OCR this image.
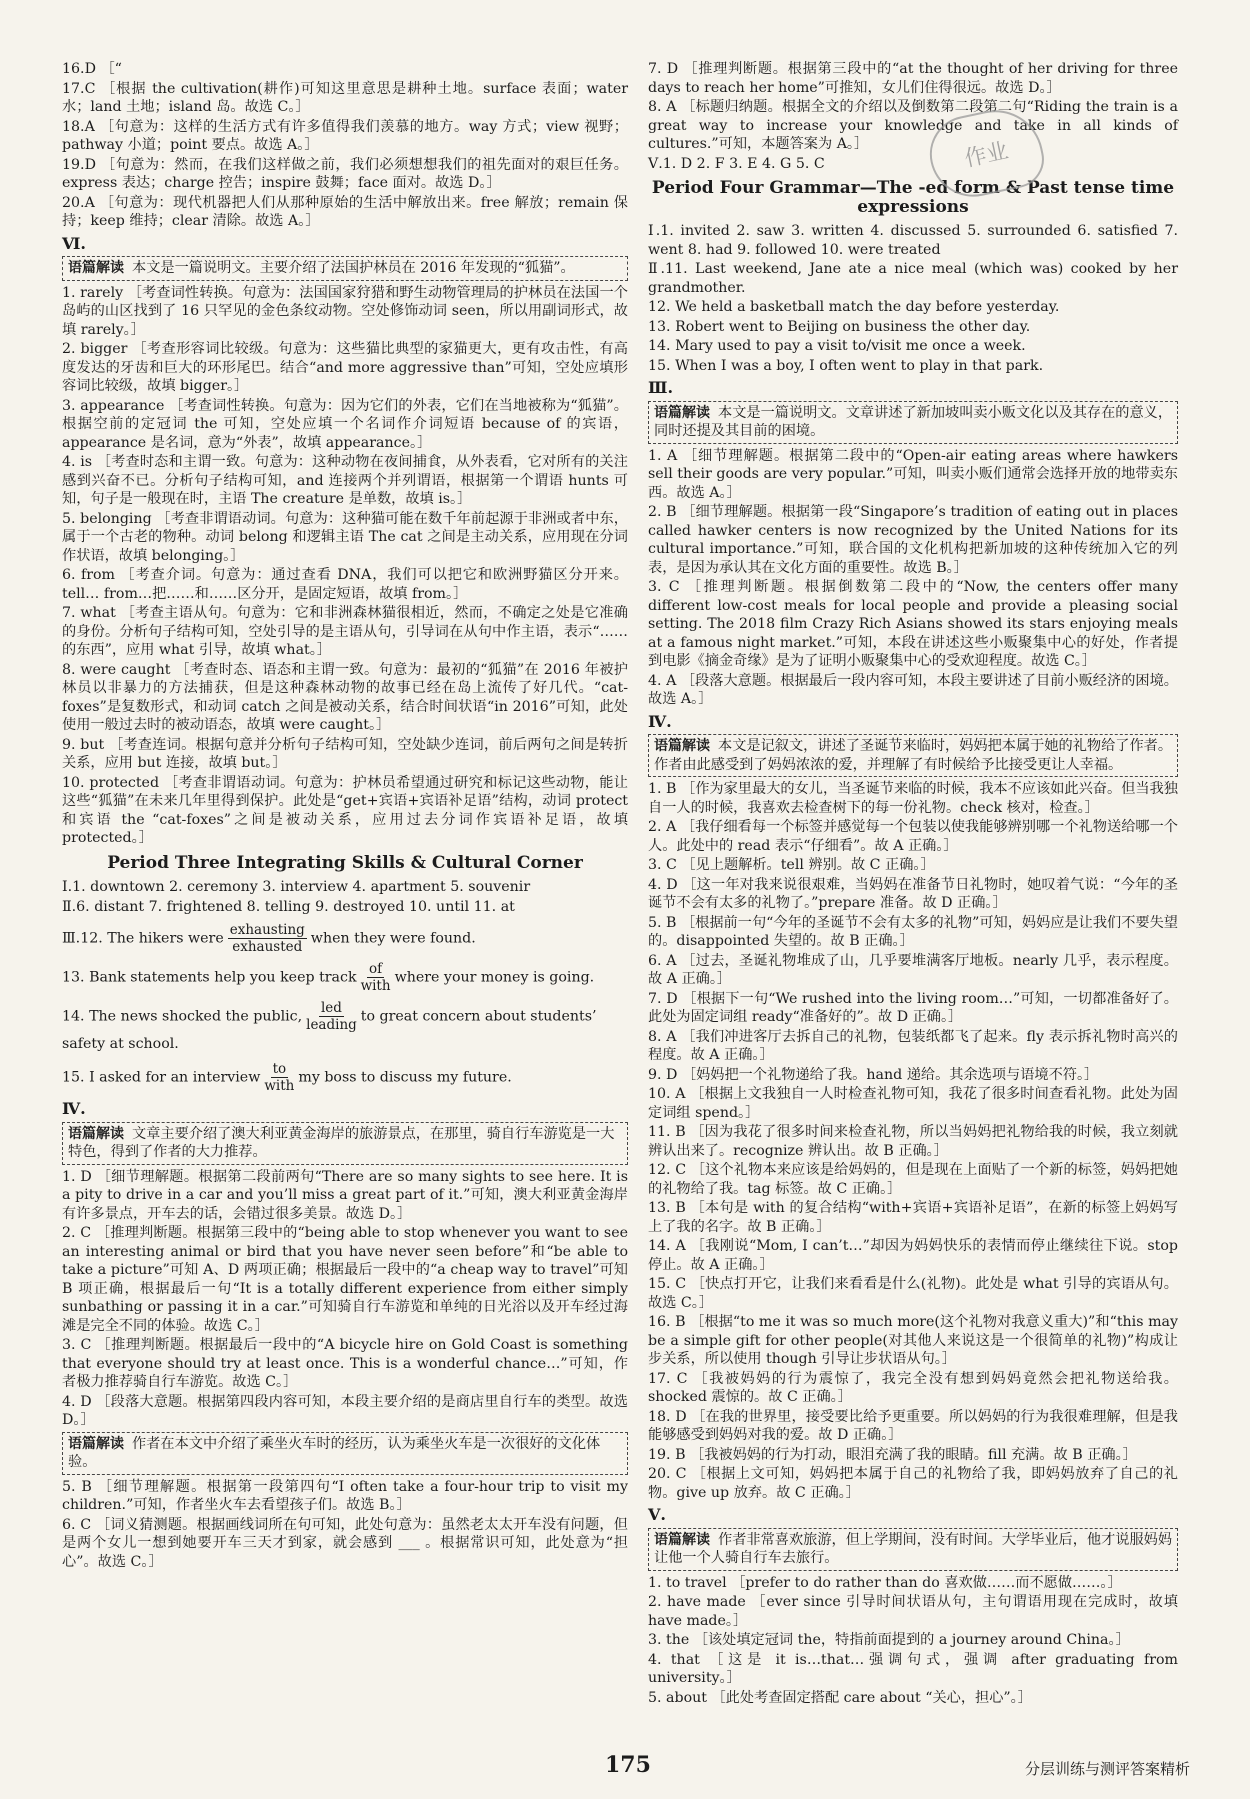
16.D ［“
17.C ［根据 the cultivation(耕作)可知这里意思是耕种土地。surface 表面；water 水；land 土地；island 岛。故选 C。］
18.A ［句意为：这样的生活方式有许多值得我们羡慕的地方。way 方式；view 视野；pathway 小道；point 要点。故选 A。］
19.D ［句意为：然而，在我们这样做之前，我们必须想想我们的祖先面对的艰巨任务。express 表达；charge 控告；inspire 鼓舞；face 面对。故选 D。］
20.A ［句意为：现代机器把人们从那种原始的生活中解放出来。free 解放；remain 保持；keep 维持；clear 清除。故选 A。］
Ⅵ.
语篇解读 本文是一篇说明文。主要介绍了法国护林员在 2016 年发现的“狐猫”。
1. rarely ［考查词性转换。句意为：法国国家狩猎和野生动物管理局的护林员在法国一个岛屿的山区找到了 16 只罕见的金色条纹动物。空处修饰动词 seen，所以用副词形式，故填 rarely。］
2. bigger ［考查形容词比较级。句意为：这些猫比典型的家猫更大，更有攻击性，有高度发达的牙齿和巨大的环形尾巴。结合“and more aggressive than”可知，空处应填形容词比较级，故填 bigger。］
3. appearance ［考查词性转换。句意为：因为它们的外表，它们在当地被称为“狐猫”。根据空前的定冠词 the 可知，空处应填一个名词作介词短语 because of 的宾语，appearance 是名词，意为“外表”，故填 appearance。］
4. is ［考查时态和主谓一致。句意为：这种动物在夜间捕食，从外表看，它对所有的关注感到兴奋不已。分析句子结构可知，and 连接两个并列谓语，根据第一个谓语 hunts 可知，句子是一般现在时，主语 The creature 是单数，故填 is。］
5. belonging ［考查非谓语动词。句意为：这种猫可能在数千年前起源于非洲或者中东，属于一个古老的物种。动词 belong 和逻辑主语 The cat 之间是主动关系，应用现在分词作状语，故填 belonging。］
6. from ［考查介词。句意为：通过查看 DNA，我们可以把它和欧洲野猫区分开来。tell… from…把……和……区分开，是固定短语，故填 from。］
7. what ［考查主语从句。句意为：它和非洲森林猫很相近，然而，不确定之处是它准确的身份。分析句子结构可知，空处引导的是主语从句，引导词在从句中作主语，表示“……的东西”，应用 what 引导，故填 what。］
8. were caught ［考查时态、语态和主谓一致。句意为：最初的“狐猫”在 2016 年被护林员以非暴力的方法捕获，但是这种森林动物的故事已经在岛上流传了好几代。“cat-foxes”是复数形式，和动词 catch 之间是被动关系，结合时间状语“in 2016”可知，此处使用一般过去时的被动语态，故填 were caught。］
9. but ［考查连词。根据句意并分析句子结构可知，空处缺少连词，前后两句之间是转折关系，应用 but 连接，故填 but。］
10. protected ［考查非谓语动词。句意为：护林员希望通过研究和标记这些动物，能让这些“狐猫”在未来几年里得到保护。此处是“get+宾语+宾语补足语”结构，动词 protect 和宾语 the “cat-foxes”之间是被动关系，应用过去分词作宾语补足语，故填 protected。］
Period Three Integrating Skills & Cultural Corner
Ⅰ.1. downtown 2. ceremony 3. interview 4. apartment 5. souvenir
Ⅱ.6. distant 7. frightened 8. telling 9. destroyed 10. until 11. at
Ⅲ.12. The hikers were $\frac{\text{exhausting}}{\text{exhausted}}$ when they were found.
13. Bank statements help you keep track $\frac{of}{\text{with}}$ where your money is going.
14. The news shocked the public, $\frac{\text{led}}{\text{leading}}$ to great concern about students’ safety at school.
15. I asked for an interview $\frac{to}{\text{with}}$ my boss to discuss my future.
Ⅳ.
语篇解读 文章主要介绍了澳大利亚黄金海岸的旅游景点，在那里，骑自行车游览是一大特色，得到了作者的大力推荐。
1. D ［细节理解题。根据第二段前两句“There are so many sights to see here. It is a pity to drive in a car and you’ll miss a great part of it.”可知，澳大利亚黄金海岸有许多景点，开车去的话，会错过很多美景。故选 D。］
2. C ［推理判断题。根据第三段中的“being able to stop whenever you want to see an interesting animal or bird that you have never seen before”和“be able to take a picture”可知 A、D 两项正确；根据最后一段中的“a cheap way to travel”可知 B 项正确，根据最后一句“It is a totally different experience from either simply sunbathing or passing it in a car.”可知骑自行车游览和单纯的日光浴以及开车经过海滩是完全不同的体验。故选 C。］
3. C ［推理判断题。根据最后一段中的“A bicycle hire on Gold Coast is something that everyone should try at least once. This is a wonderful chance…”可知，作者极力推荐骑自行车游览。故选 C。］
4. D ［段落大意题。根据第四段内容可知，本段主要介绍的是商店里自行车的类型。故选 D。］
语篇解读 作者在本文中介绍了乘坐火车时的经历，认为乘坐火车是一次很好的文化体验。
5. B ［细节理解题。根据第一段第四句“I often take a four-hour trip to visit my children.”可知，作者坐火车去看望孩子们。故选 B。］
6. C ［词义猜测题。根据画线词所在句可知，此处句意为：虽然老太太开车没有问题，但是两个女儿一想到她要开车三天才到家，就会感到 ___ 。根据常识可知，此处意为“担心”。故选 C。］
7. D ［推理判断题。根据第三段中的“at the thought of her driving for three days to reach her home”可推知，女儿们住得很远。故选 D。］
8. A ［标题归纳题。根据全文的介绍以及倒数第二段第二句“Riding the train is a great way to increase your knowledge and take in all kinds of cultures.”可知，本题答案为 A。］
Ⅴ.1. D 2. F 3. E 4. G 5. C
Period Four Grammar—The -ed form & Past tense time expressions
Ⅰ.1. invited 2. saw 3. written 4. discussed 5. surrounded 6. satisfied 7. went 8. had 9. followed 10. were treated
Ⅱ.11. Last weekend, Jane ate a nice meal (which was) cooked by her grandmother.
12. We held a basketball match the day before yesterday.
13. Robert went to Beijing on business the other day.
14. Mary used to pay a visit to/visit me once a week.
15. When I was a boy, I often went to play in that park.
Ⅲ.
语篇解读 本文是一篇说明文。文章讲述了新加坡叫卖小贩文化以及其存在的意义，同时还提及其目前的困境。
1. A ［细节理解题。根据第二段中的“Open-air eating areas where hawkers sell their goods are very popular.”可知，叫卖小贩们通常会选择开放的地带卖东西。故选 A。］
2. B ［细节理解题。根据第一段“Singapore’s tradition of eating out in places called hawker centers is now recognized by the United Nations for its cultural importance.”可知，联合国的文化机构把新加坡的这种传统加入它的列表，是因为承认其在文化方面的重要性。故选 B。］
3. C ［推理判断题。根据倒数第二段中的“Now, the centers offer many different low-cost meals for local people and provide a pleasing social setting. The 2018 film Crazy Rich Asians showed its stars enjoying meals at a famous night market.”可知，本段在讲述这些小贩聚集中心的好处，作者提到电影《摘金奇缘》是为了证明小贩聚集中心的受欢迎程度。故选 C。］
4. A ［段落大意题。根据最后一段内容可知，本段主要讲述了目前小贩经济的困境。故选 A。］
Ⅳ.
语篇解读 本文是记叙文，讲述了圣诞节来临时，妈妈把本属于她的礼物给了作者。作者由此感受到了妈妈浓浓的爱，并理解了有时候给予比接受更让人幸福。
1. B ［作为家里最大的女儿，当圣诞节来临的时候，我本不应该如此兴奋。但当我独自一人的时候，我喜欢去检查树下的每一份礼物。check 核对，检查。］
2. A ［我仔细看每一个标签并感觉每一个包装以使我能够辨别哪一个礼物送给哪一个人。此处中的 read 表示“仔细看”。故 A 正确。］
3. C ［见上题解析。tell 辨别。故 C 正确。］
4. D ［这一年对我来说很艰难，当妈妈在准备节日礼物时，她叹着气说：“今年的圣诞节不会有太多的礼物了。”prepare 准备。故 D 正确。］
5. B ［根据前一句“今年的圣诞节不会有太多的礼物”可知，妈妈应是让我们不要失望的。disappointed 失望的。故 B 正确。］
6. A ［过去，圣诞礼物堆成了山，几乎要堆满客厅地板。nearly 几乎，表示程度。故 A 正确。］
7. D ［根据下一句“We rushed into the living room…”可知，一切都准备好了。此处为固定词组 ready“准备好的”。故 D 正确。］
8. A ［我们冲进客厅去拆自己的礼物，包装纸都飞了起来。fly 表示拆礼物时高兴的程度。故 A 正确。］
9. D ［妈妈把一个礼物递给了我。hand 递给。其余选项与语境不符。］
10. A ［根据上文我独自一人时检查礼物可知，我花了很多时间查看礼物。此处为固定词组 spend。］
11. B ［因为我花了很多时间来检查礼物，所以当妈妈把礼物给我的时候，我立刻就辨认出来了。recognize 辨认出。故 B 正确。］
12. C ［这个礼物本来应该是给妈妈的，但是现在上面贴了一个新的标签，妈妈把她的礼物给了我。tag 标签。故 C 正确。］
13. B ［本句是 with 的复合结构“with+宾语+宾语补足语”，在新的标签上妈妈写上了我的名字。故 B 正确。］
14. A ［我刚说“Mom, I can’t…”却因为妈妈快乐的表情而停止继续往下说。stop 停止。故 A 正确。］
15. C ［快点打开它，让我们来看看是什么(礼物)。此处是 what 引导的宾语从句。故选 C。］
16. B ［根据“to me it was so much more(这个礼物对我意义重大)”和“this may be a simple gift for other people(对其他人来说这是一个很简单的礼物)”构成让步关系，所以使用 though 引导让步状语从句。］
17. C ［我被妈妈的行为震惊了，我完全没有想到妈妈竟然会把礼物送给我。shocked 震惊的。故 C 正确。］
18. D ［在我的世界里，接受要比给予更重要。所以妈妈的行为我很难理解，但是我能够感受到妈妈对我的爱。故 D 正确。］
19. B ［我被妈妈的行为打动，眼泪充满了我的眼睛。fill 充满。故 B 正确。］
20. C ［根据上文可知，妈妈把本属于自己的礼物给了我，即妈妈放弃了自己的礼物。give up 放弃。故 C 正确。］
Ⅴ.
语篇解读 作者非常喜欢旅游，但上学期间，没有时间。大学毕业后，他才说服妈妈让他一个人骑自行车去旅行。
1. to travel ［prefer to do rather than do 喜欢做……而不愿做……。］
2. have made ［ever since 引导时间状语从句，主句谓语用现在完成时，故填 have made。］
3. the ［该处填定冠词 the，特指前面提到的 a journey around China。］
4. that ［这是 it is…that…强调句式，强调 after graduating from university。］
5. about ［此处考查固定搭配 care about “关心，担心”。］
作业
175	分层训练与测评答案精析
